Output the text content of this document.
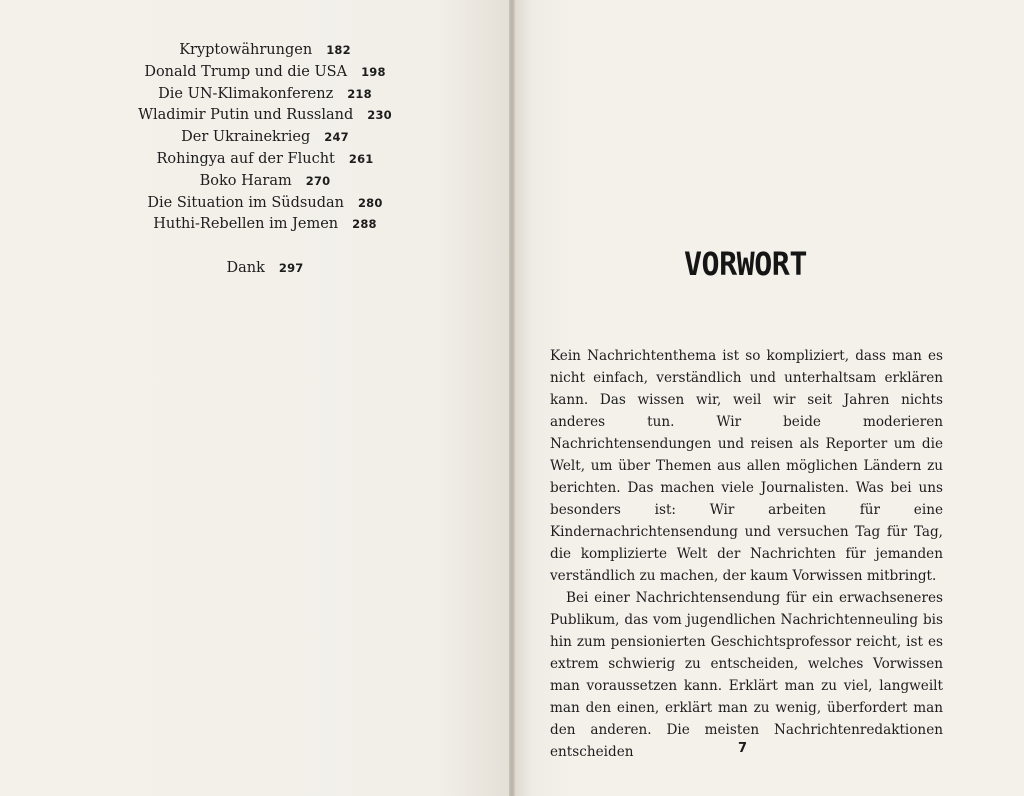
Kryptowährungen 182
Donald Trump und die USA 198
Die UN-Klimakonferenz 218
Wladimir Putin und Russland 230
Der Ukrainekrieg 247
Rohingya auf der Flucht 261
Boko Haram 270
Die Situation im Südsudan 280
Huthi-Rebellen im Jemen 288
Dank 297	VORWORT

Kein Nachrichtenthema ist so kompliziert, dass man es nicht einfach, verständlich und unterhaltsam erklären kann. Das wissen wir, weil wir seit Jahren nichts anderes tun. Wir beide moderieren Nachrichtensendungen und reisen als Reporter um die Welt, um über Themen aus allen möglichen Ländern zu berichten. Das machen viele Journalisten. Was bei uns besonders ist: Wir arbeiten für eine Kindernachrichtensendung und versuchen Tag für Tag, die komplizierte Welt der Nachrichten für jemanden verständlich zu machen, der kaum Vorwissen mitbringt.

Bei einer Nachrichtensendung für ein erwachseneres Publikum, das vom jugendlichen Nachrichtenneuling bis hin zum pensionierten Geschichtsprofessor reicht, ist es extrem schwierig zu entscheiden, welches Vorwissen man voraussetzen kann. Erklärt man zu viel, langweilt man den einen, erklärt man zu wenig, überfordert man den anderen. Die meisten Nachrichtenredaktionen entscheiden	7
